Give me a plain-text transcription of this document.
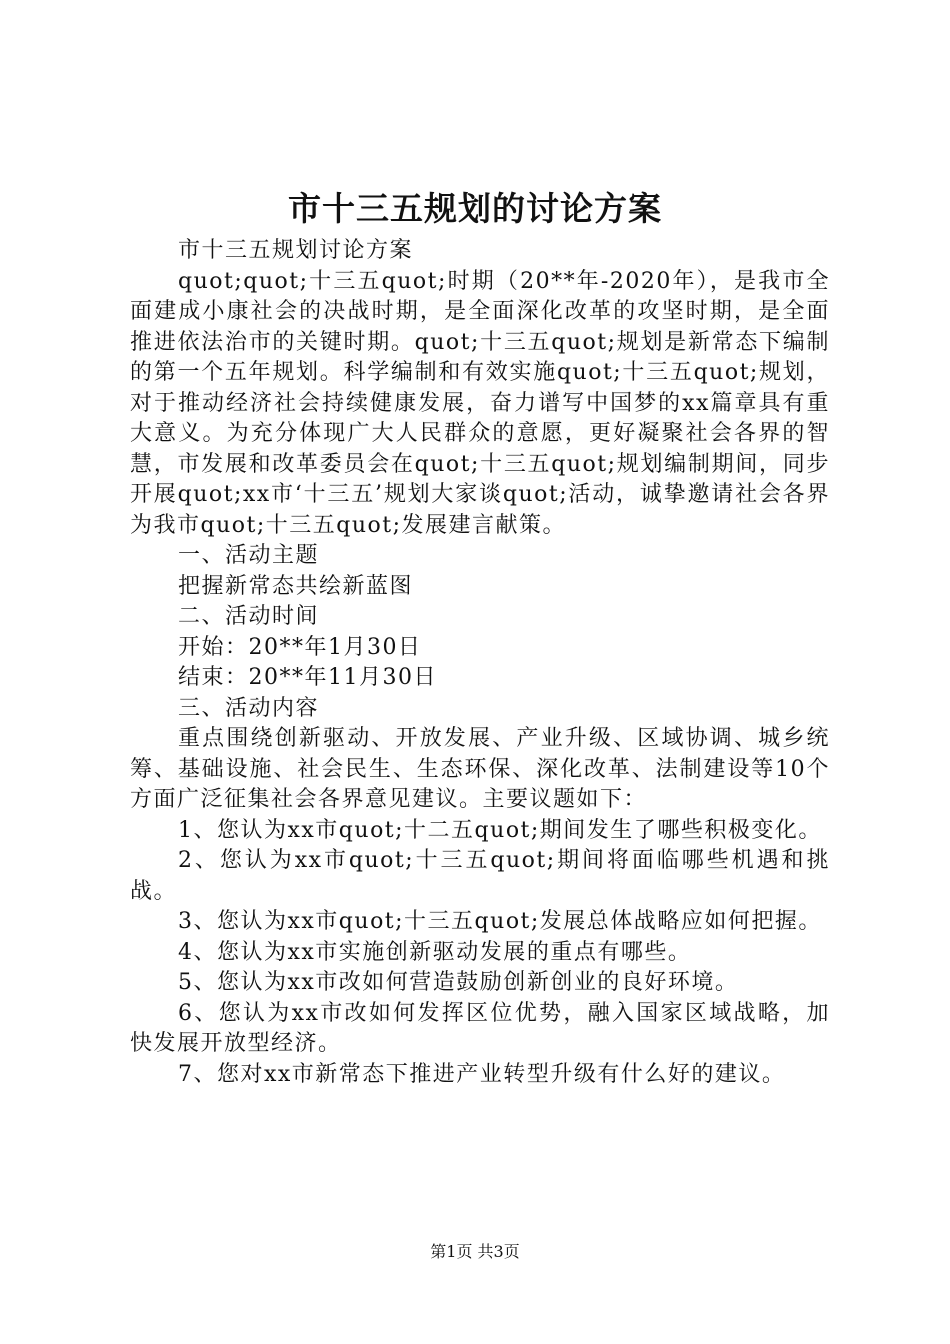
市十三五规划的讨论方案

市十三五规划讨论方案

quot;quot;十三五quot;时期（20**年-2020年），是我市全面建成小康社会的决战时期，是全面深化改革的攻坚时期，是全面推进依法治市的关键时期。quot;十三五quot;规划是新常态下编制的第一个五年规划。科学编制和有效实施quot;十三五quot;规划，对于推动经济社会持续健康发展，奋力谱写中国梦的xx篇章具有重大意义。为充分体现广大人民群众的意愿，更好凝聚社会各界的智慧，市发展和改革委员会在quot;十三五quot;规划编制期间，同步开展quot;xx市‘十三五’规划大家谈quot;活动，诚挚邀请社会各界为我市quot;十三五quot;发展建言献策。

一、活动主题

把握新常态共绘新蓝图

二、活动时间

开始：20**年1月30日

结束：20**年11月30日

三、活动内容

重点围绕创新驱动、开放发展、产业升级、区域协调、城乡统筹、基础设施、社会民生、生态环保、深化改革、法制建设等10个方面广泛征集社会各界意见建议。主要议题如下：

1、您认为xx市quot;十二五quot;期间发生了哪些积极变化。

2、您认为xx市quot;十三五quot;期间将面临哪些机遇和挑战。

3、您认为xx市quot;十三五quot;发展总体战略应如何把握。

4、您认为xx市实施创新驱动发展的重点有哪些。

5、您认为xx市改如何营造鼓励创新创业的良好环境。

6、您认为xx市改如何发挥区位优势，融入国家区域战略，加快发展开放型经济。

7、您对xx市新常态下推进产业转型升级有什么好的建议。

第1页 共3页
